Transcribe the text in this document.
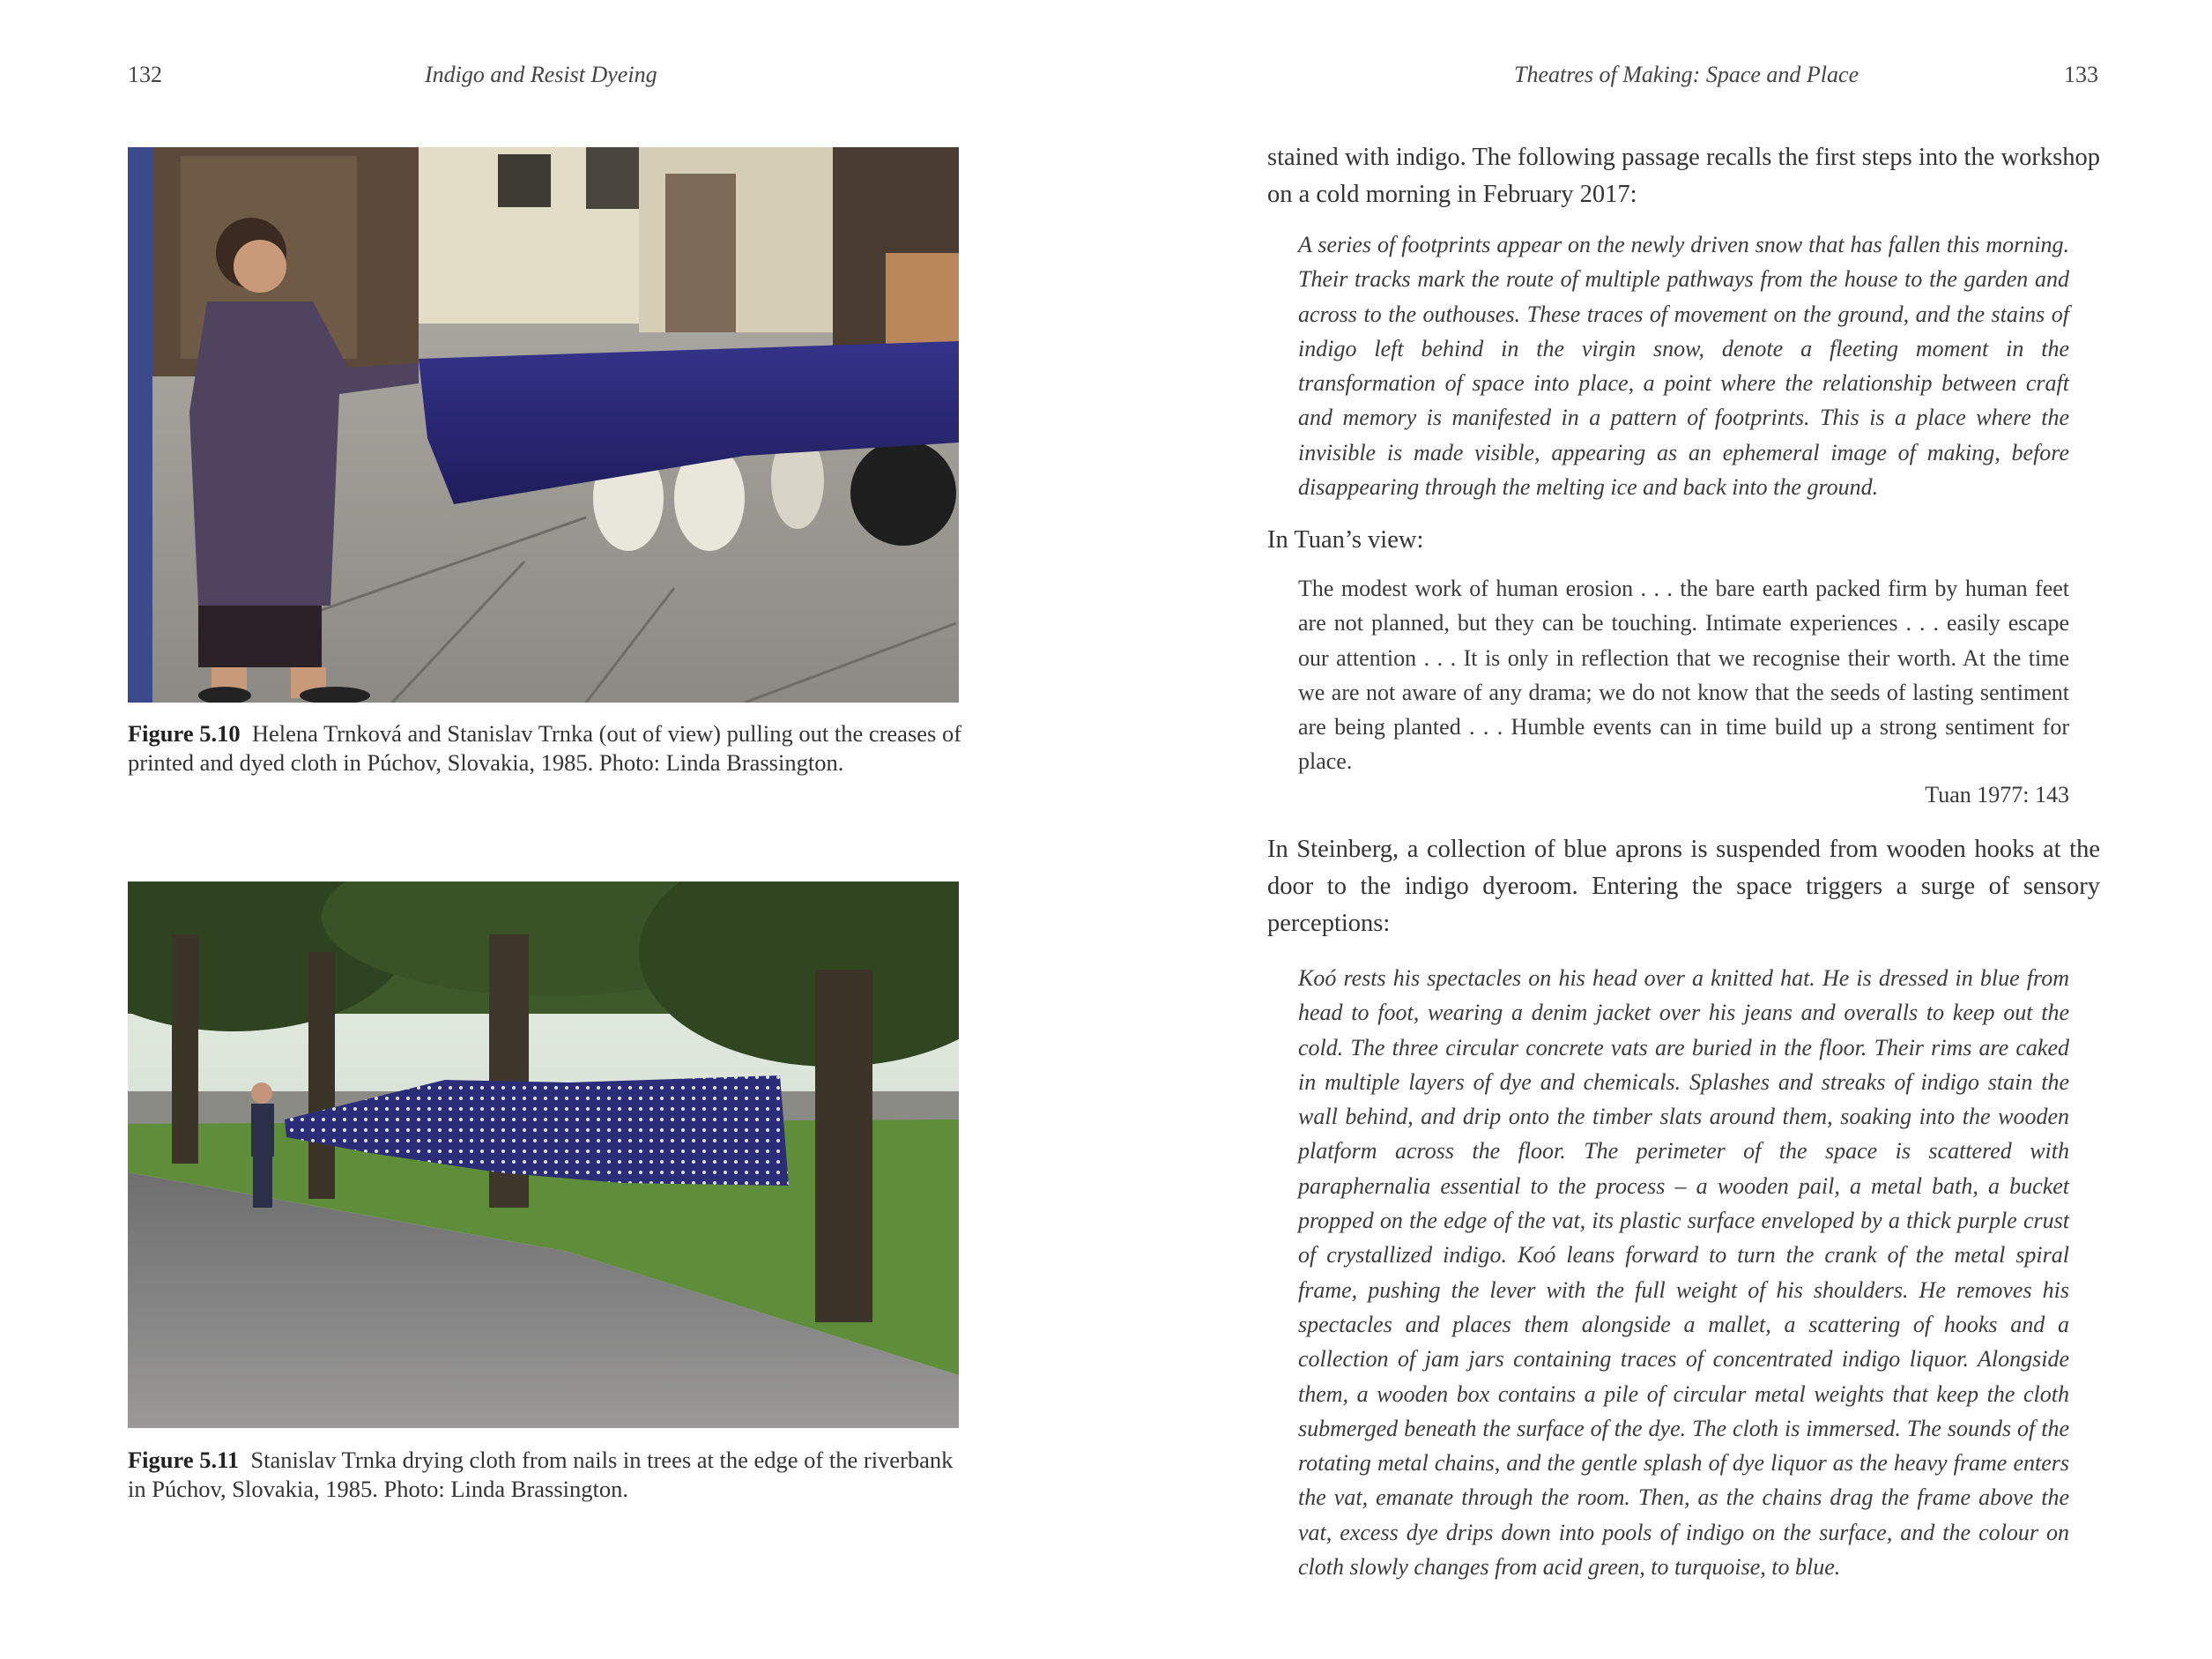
132	Indigo and Resist Dyeing
Figure 5.10 Helena Trnková and Stanislav Trnka (out of view) pulling out the creases of printed and dyed cloth in Púchov, Slovakia, 1985. Photo: Linda Brassington.
Figure 5.11 Stanislav Trnka drying cloth from nails in trees at the edge of the riverbank in Púchov, Slovakia, 1985. Photo: Linda Brassington.
Theatres of Making: Space and Place	133
stained with indigo. The following passage recalls the first steps into the workshop on a cold morning in February 2017:

A series of footprints appear on the newly driven snow that has fallen this morning. Their tracks mark the route of multiple pathways from the house to the garden and across to the outhouses. These traces of movement on the ground, and the stains of indigo left behind in the virgin snow, denote a fleeting moment in the transformation of space into place, a point where the relationship between craft and memory is manifested in a pattern of footprints. This is a place where the invisible is made visible, appearing as an ephemeral image of making, before disappearing through the melting ice and back into the ground.

In Tuan’s view:

The modest work of human erosion . . . the bare earth packed firm by human feet are not planned, but they can be touching. Intimate experiences . . . easily escape our attention . . . It is only in reflection that we recognise their worth. At the time we are not aware of any drama; we do not know that the seeds of lasting sentiment are being planted . . . Humble events can in time build up a strong sentiment for place.

Tuan 1977: 143
In Steinberg, a collection of blue aprons is suspended from wooden hooks at the door to the indigo dyeroom. Entering the space triggers a surge of sensory perceptions:

Koó rests his spectacles on his head over a knitted hat. He is dressed in blue from head to foot, wearing a denim jacket over his jeans and overalls to keep out the cold. The three circular concrete vats are buried in the floor. Their rims are caked in multiple layers of dye and chemicals. Splashes and streaks of indigo stain the wall behind, and drip onto the timber slats around them, soaking into the wooden platform across the floor. The perimeter of the space is scattered with paraphernalia essential to the process – a wooden pail, a metal bath, a bucket propped on the edge of the vat, its plastic surface enveloped by a thick purple crust of crystallized indigo. Koó leans forward to turn the crank of the metal spiral frame, pushing the lever with the full weight of his shoulders. He removes his spectacles and places them alongside a mallet, a scattering of hooks and a collection of jam jars containing traces of concentrated indigo liquor. Alongside them, a wooden box contains a pile of circular metal weights that keep the cloth submerged beneath the surface of the dye. The cloth is immersed. The sounds of the rotating metal chains, and the gentle splash of dye liquor as the heavy frame enters the vat, emanate through the room. Then, as the chains drag the frame above the vat, excess dye drips down into pools of indigo on the surface, and the colour on cloth slowly changes from acid green, to turquoise, to blue.
